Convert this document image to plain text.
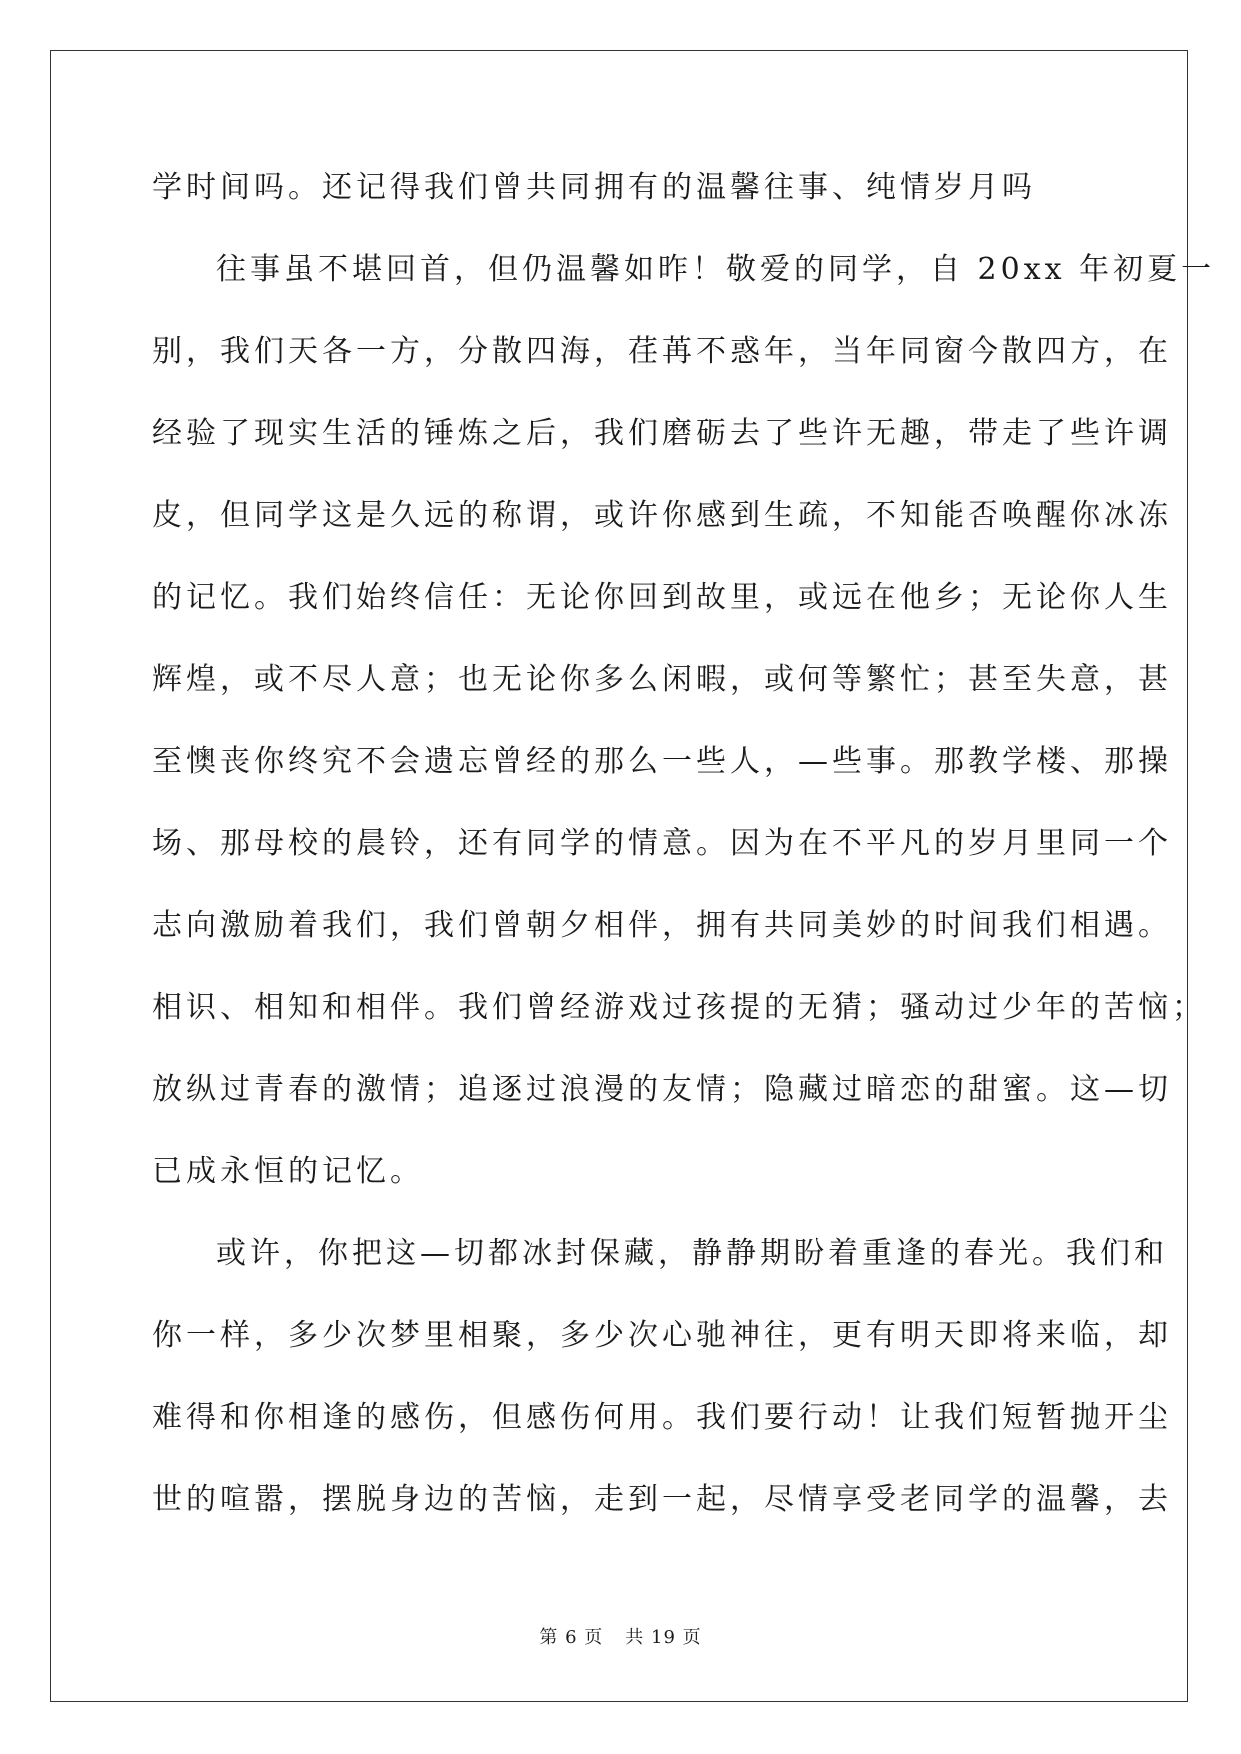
学时间吗。还记得我们曾共同拥有的温馨往事、纯情岁月吗
往事虽不堪回首，但仍温馨如昨！敬爱的同学，自 20xx 年初夏一
别，我们天各一方，分散四海，荏苒不惑年，当年同窗今散四方，在
经验了现实生活的锤炼之后，我们磨砺去了些许无趣，带走了些许调
皮，但同学这是久远的称谓，或许你感到生疏，不知能否唤醒你冰冻
的记忆。我们始终信任：无论你回到故里，或远在他乡；无论你人生
辉煌，或不尽人意；也无论你多么闲暇，或何等繁忙；甚至失意，甚
至懊丧你终究不会遗忘曾经的那么一些人，—些事。那教学楼、那操
场、那母校的晨铃，还有同学的情意。因为在不平凡的岁月里同一个
志向激励着我们，我们曾朝夕相伴，拥有共同美妙的时间我们相遇。
相识、相知和相伴。我们曾经游戏过孩提的无猜；骚动过少年的苦恼；
放纵过青春的激情；追逐过浪漫的友情；隐藏过暗恋的甜蜜。这—切
已成永恒的记忆。
或许，你把这—切都冰封保藏，静静期盼着重逢的春光。我们和
你一样，多少次梦里相聚，多少次心驰神往，更有明天即将来临，却
难得和你相逢的感伤，但感伤何用。我们要行动！让我们短暂抛开尘
世的喧嚣，摆脱身边的苦恼，走到一起，尽情享受老同学的温馨，去
第 6 页 共 19 页
